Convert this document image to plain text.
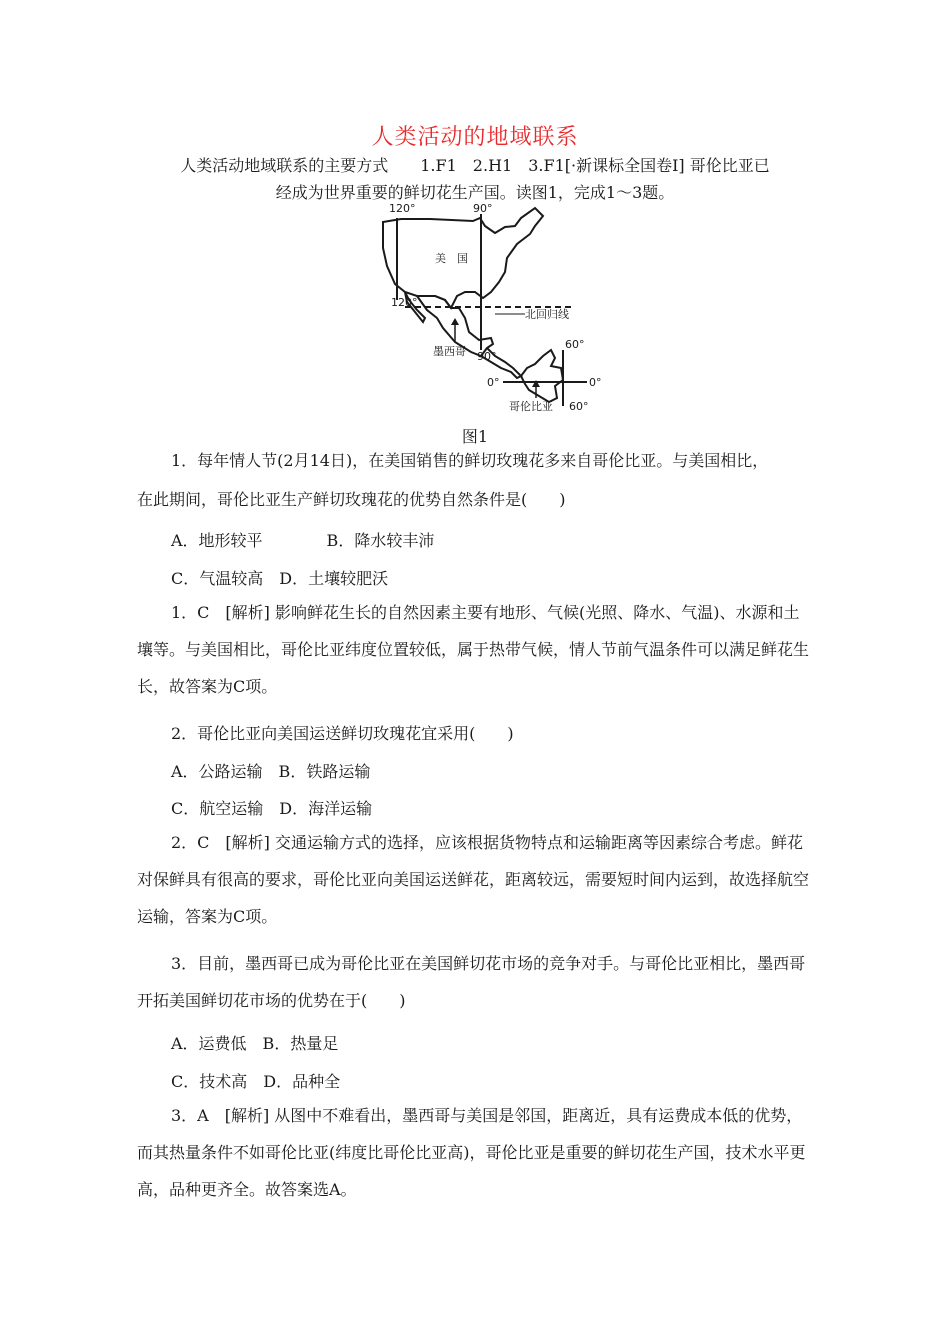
人类活动的地域联系
人类活动地域联系的主要方式　　1.F1　2.H1　3.F1[·新课标全国卷Ⅰ] 哥伦比亚已
经成为世界重要的鲜切花生产国。读图1，完成1～3题。
120°	90°
美　国
120°
北回归线
墨西哥 90°
60°
0°	0°
哥伦比亚 60°
图1
1．每年情人节(2月14日)，在美国销售的鲜切玫瑰花多来自哥伦比亚。与美国相比，
在此期间，哥伦比亚生产鲜切玫瑰花的优势自然条件是(　　)
A．地形较平　　　　B．降水较丰沛
C．气温较高　D．土壤较肥沃

1．C　[解析] 影响鲜花生长的自然因素主要有地形、气候(光照、降水、气温)、水源和土壤等。与美国相比，哥伦比亚纬度位置较低，属于热带气候，情人节前气温条件可以满足鲜花生长，故答案为C项。

2．哥伦比亚向美国运送鲜切玫瑰花宜采用(　　)
A．公路运输　B．铁路运输
C．航空运输　D．海洋运输

2．C　[解析] 交通运输方式的选择，应该根据货物特点和运输距离等因素综合考虑。鲜花对保鲜具有很高的要求，哥伦比亚向美国运送鲜花，距离较远，需要短时间内运到，故选择航空运输，答案为C项。

3．目前，墨西哥已成为哥伦比亚在美国鲜切花市场的竞争对手。与哥伦比亚相比，墨西哥开拓美国鲜切花市场的优势在于(　　)

A．运费低　B．热量足
C．技术高　D．品种全

3．A　[解析] 从图中不难看出，墨西哥与美国是邻国，距离近，具有运费成本低的优势，而其热量条件不如哥伦比亚(纬度比哥伦比亚高)，哥伦比亚是重要的鲜切花生产国，技术水平更高，品种更齐全。故答案选A。
